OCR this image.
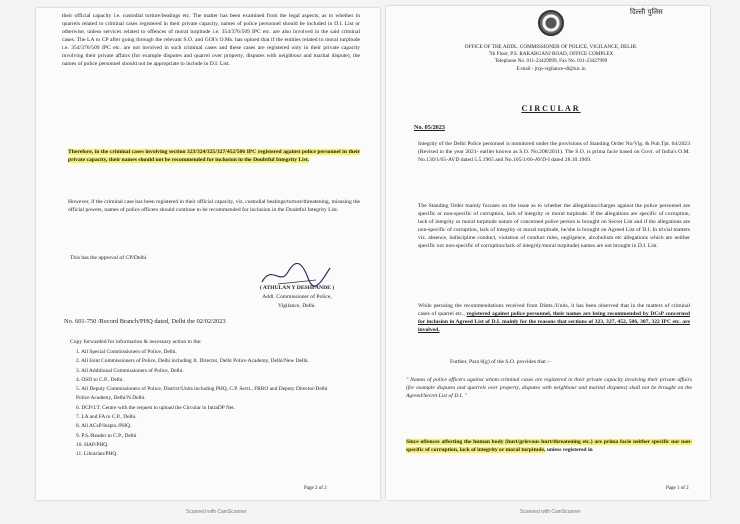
their official capacity i.e. custodial torture/beatings etc. The matter has been examined from the legal aspects, as to whether in quarrels related to criminal cases registered in their private capacity, names of police personnel should be included in D.I. List or otherwise, unless services related to offences of moral turpitude i.e. 354/376/509 IPC etc. are also involved in the said criminal cases. The LA to CP after going through the relevant S.O. and GOI's O.Ms. has opined that if the entities related to moral turpitude i.e. 354/376/509 IPC etc. are not involved in such criminal cases and these cases are registered only in their private capacity involving their private affairs (for example disputes and quarrel over property, disputes with neighbour and marital dispute), the names of police personnel should not be appropriate to include in D.I. List.
Therefore, in the criminal cases involving section 323/324/325/327/452/506 IPC registered against police personnel in their private capacity, their names should not be recommended for inclusion in the Doubtful Integrity List.
However, if the criminal case has been registered in their official capacity, viz. custodial beatings/torture/threatening, misusing the official powers, names of police officers should continue to be recommended for inclusion in the Doubtful Integrity List.
This has the approval of CP/Delhi.
( ATHULAN Y DESHPANDE )
Addl. Commissioner of Police,
Vigilance, Delhi.
No. 601-750 /Record Branch/PHQ dated, Delhi the 02/02/2023
Copy forwarded for information & necessary action to the:
1. All Special Commissioners of Police, Delhi.
2. All Joint Commissioners of Police, Delhi including Jt. Director, Delhi Police Academy, Delhi/New Delhi.
3. All Additional Commissioners of Police, Delhi.
4. OSD to C.P., Delhi.
5. All Deputy Commissioners of Police, District/Units including PHQ, C.P. Sectt., FRRO and Deputy Director/Delhi Police Academy, Delhi/N.Delhi.
6. DCP/I.T. Centre with the request to upload the Circular in IntraDP Net.
7. LA and FA to C.P., Delhi.
8. All ACsP/Insprs./PHQ.
9. P.S./Reader to C.P., Delhi
10. HAP/PHQ.
11. Librarian/PHQ.
Page 2 of 2
दिल्ली पुलिस
OFFICE OF THE ADDL. COMMISSIONER OF POLICE, VIGILANCE, DELHI.
7th Floor, P.S. RAKABGANJ ROAD, OFFICE COMPLEX
Telephone No. 011-23429999, Fax No. 011-23427999
E-mail - jtcp-vigilance-dl@nic.in
CIRCULAR
No. 05/2023
Integrity of the Delhi Police personnel is monitored under the provisions of Standing Order No/Vig. & Pub.Tpt. 64/2023 (Revised in the year 2021- earlier known as S.O. No.208/2011). The S.O. is prima facie based on Govt. of India's O.M. No.130/1/65-AVD dated 5.5.1965 and No.105/1/66-AVD-I dated 28.10.1969.
The Standing Order mainly focuses on the issue as to whether the allegations/charges against the police personnel are specific or non-specific of corruption, lack of integrity or moral turpitude. If the allegations are specific of corruption, lack of integrity or moral turpitude nature of concerned police person is brought on Secret List and if the allegations are non-specific of corruption, lack of integrity or moral turpitude, he/she is brought on Agreed List of D.I. In trivial matters viz. absence, indiscipline conduct, violation of conduct rules, negligence, alcoholism etc allegations which are neither specific nor non-specific of corruption/lack of integrity/moral turpitude) names are not brought in D.I. List.
While perusing the recommendations received from Distts./Units, it has been observed that in the matters of criminal cases of quarrel etc., registered against police personnel, their names are being recommended by DCsP concerned for inclusion in Agreed List of D.I. mainly for the reasons that sections of 323, 327, 452, 506, 307, 322 IPC etc. are involved.
Further, Para 6(g) of the S.O. provides that :-
" Names of police officers against whom criminal cases are registered in their private capacity involving their private affairs (for example disputes and quarrels over property, disputes with neighbour and marital disputes) shall not be brought on the Agreed/Secret List of D.I. "
Since offences affecting the human body (hurt/grievous hurt/threatening etc.) are prima facie neither specific nor non-specific of corruption, lack of integrity or moral turpitude, unless registered in
Page 1 of 2
Scanned with CamScanner	Scanned with CamScanner
